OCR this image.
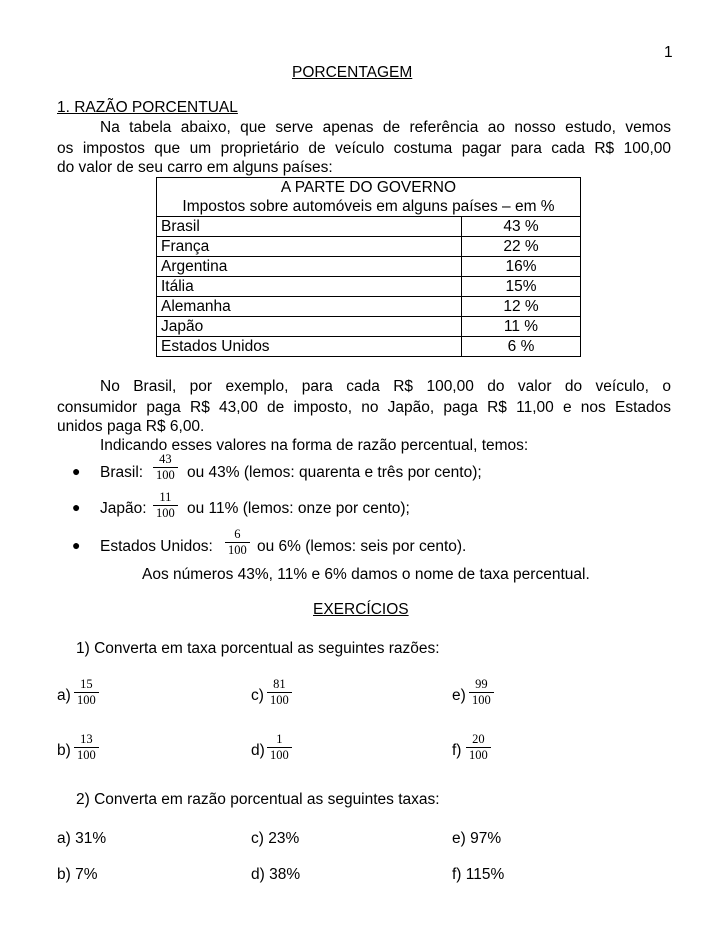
1
PORCENTAGEM
1. RAZÃO PORCENTUAL
Na tabela abaixo, que serve apenas de referência ao nosso estudo, vemos
os impostos que um proprietário de veículo costuma pagar para cada R$ 100,00
do valor de seu carro em alguns países:
A PARTE DO GOVERNO	
Impostos sobre automóveis em alguns países – em %	
Brasil	43 %
França	22 %
Argentina	16%
Itália	15%
Alemanha	12 %
Japão	11 %
Estados Unidos	6 %
No Brasil, por exemplo, para cada R$ 100,00 do valor do veículo, o
consumidor paga R$ 43,00 de imposto, no Japão, paga R$ 11,00 e nos Estados
unidos paga R$ 6,00.
Indicando esses valores na forma de razão percentual, temos:
● Brasil: $\frac{43}{100}$ ou 43% (lemos: quarenta e três por cento);
● Japão: $\frac{11}{100}$ ou 11% (lemos: onze por cento);
● Estados Unidos: $\frac{6}{100}$ ou 6% (lemos: seis por cento).
Aos números 43%, 11% e 6% damos o nome de taxa percentual.
EXERCÍCIOS
1) Converta em taxa porcentual as seguintes razões:
$a) \frac{15}{100}$	$c) \frac{81}{100}$	$e) \frac{99}{100}$
$b) \frac{13}{100}$	$d) \frac{1}{100}$	$f) \frac{20}{100}$
2) Converta em razão porcentual as seguintes taxas:
a) 31%	c) 23%	e) 97%
b) 7%	d) 38%	f) 115%
